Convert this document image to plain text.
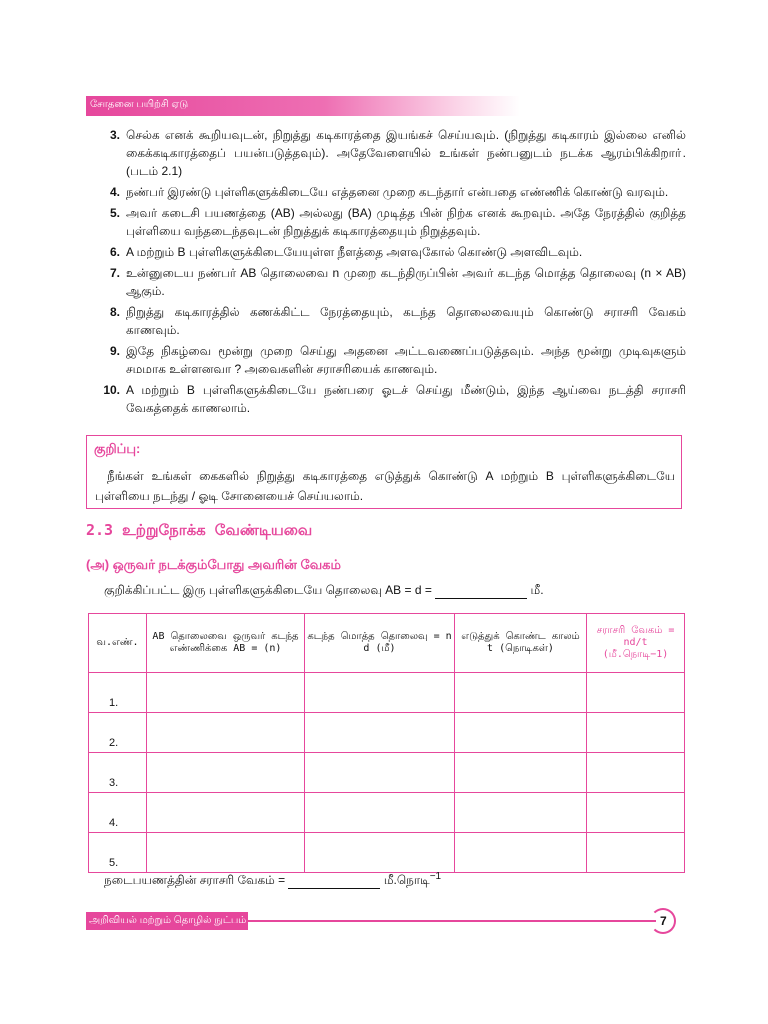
சோதனை பயிற்சி ஏடு
3. செல்க எனக் கூறியவுடன், நிறுத்து கடிகாரத்தை இயங்கச் செய்யவும். (நிறுத்து கடிகாரம் இல்லை எனில் கைக்கடிகாரத்தைப் பயன்படுத்தவும்). அதேவேளையில் உங்கள் நண்பனுடம் நடக்க ஆரம்பிக்கிறாா். (படம் 2.1)
4. நண்பர் இரண்டு புள்ளிகளுக்கிடையே எத்தனை முறை கடந்தார் என்பதை எண்ணிக் கொண்டு வரவும்.
5. அவர் கடைசி பயணத்தை (AB) அல்லது (BA) முடித்த பின் நிற்க எனக் கூறவும். அதே நேரத்தில் குறித்த புள்ளியை வந்தடைந்தவுடன் நிறுத்துக் கடிகாரத்தையும் நிறுத்தவும்.
6. A மற்றும் B புள்ளிகளுக்கிடையேயுள்ள நீளத்தை அளவுகோல் கொண்டு அளவிடவும்.
7. உன்னுடைய நண்பர் AB தொலைவை n முறை கடந்திருப்பின் அவர் கடந்த மொத்த தொலைவு (n × AB) ஆகும்.
8. நிறுத்து கடிகாரத்தில் கணக்கிட்ட நேரத்தையும், கடந்த தொலைவையும் கொண்டு சராசரி வேகம் காணவும்.
9. இதே நிகழ்வை மூன்று முறை செய்து அதனை அட்டவணைப்படுத்தவும். அந்த மூன்று முடிவுகளும் சமமாக உள்ளனவா ? அவைகளின் சராசரியைக் காணவும்.
10. A மற்றும் B புள்ளிகளுக்கிடையே நண்பரை ஓடச் செய்து மீண்டும், இந்த ஆய்வை நடத்தி சராசரி வேகத்தைக் காணலாம்.
குறிப்பு:
நீங்கள் உங்கள் கைகளில் நிறுத்து கடிகாரத்தை எடுத்துக் கொண்டு A மற்றும் B புள்ளிகளுக்கிடையே புள்ளியை நடந்து / ஓடி சோனையைச் செய்யலாம்.
2.3 உற்றுநோக்க வேண்டியவை
(அ) ஒருவர் நடக்கும்போது அவரின் வேகம்
குறிக்கிப்பட்ட இரு புள்ளிகளுக்கிடையே தொலைவு AB = d =	மீ.
வ.எண்.	AB தொலைவை ஒருவர் கடந்த எண்ணிக்கை AB = (n)	கடந்த மொத்த தொலைவு = n d (மீ)	எடுத்துக் கொண்ட காலம் t (நொடிகள்)	சராசரி வேகம் = nd/t (மீ.நொடி−1)
1.				
2.				
3.				
4.				
5.				
நடைபயணத்தின் சராசரி வேகம் =	மீ.நொடி$^{-1}$
அறிவியல் மற்றும் தொழில் நுட்பம்	7
